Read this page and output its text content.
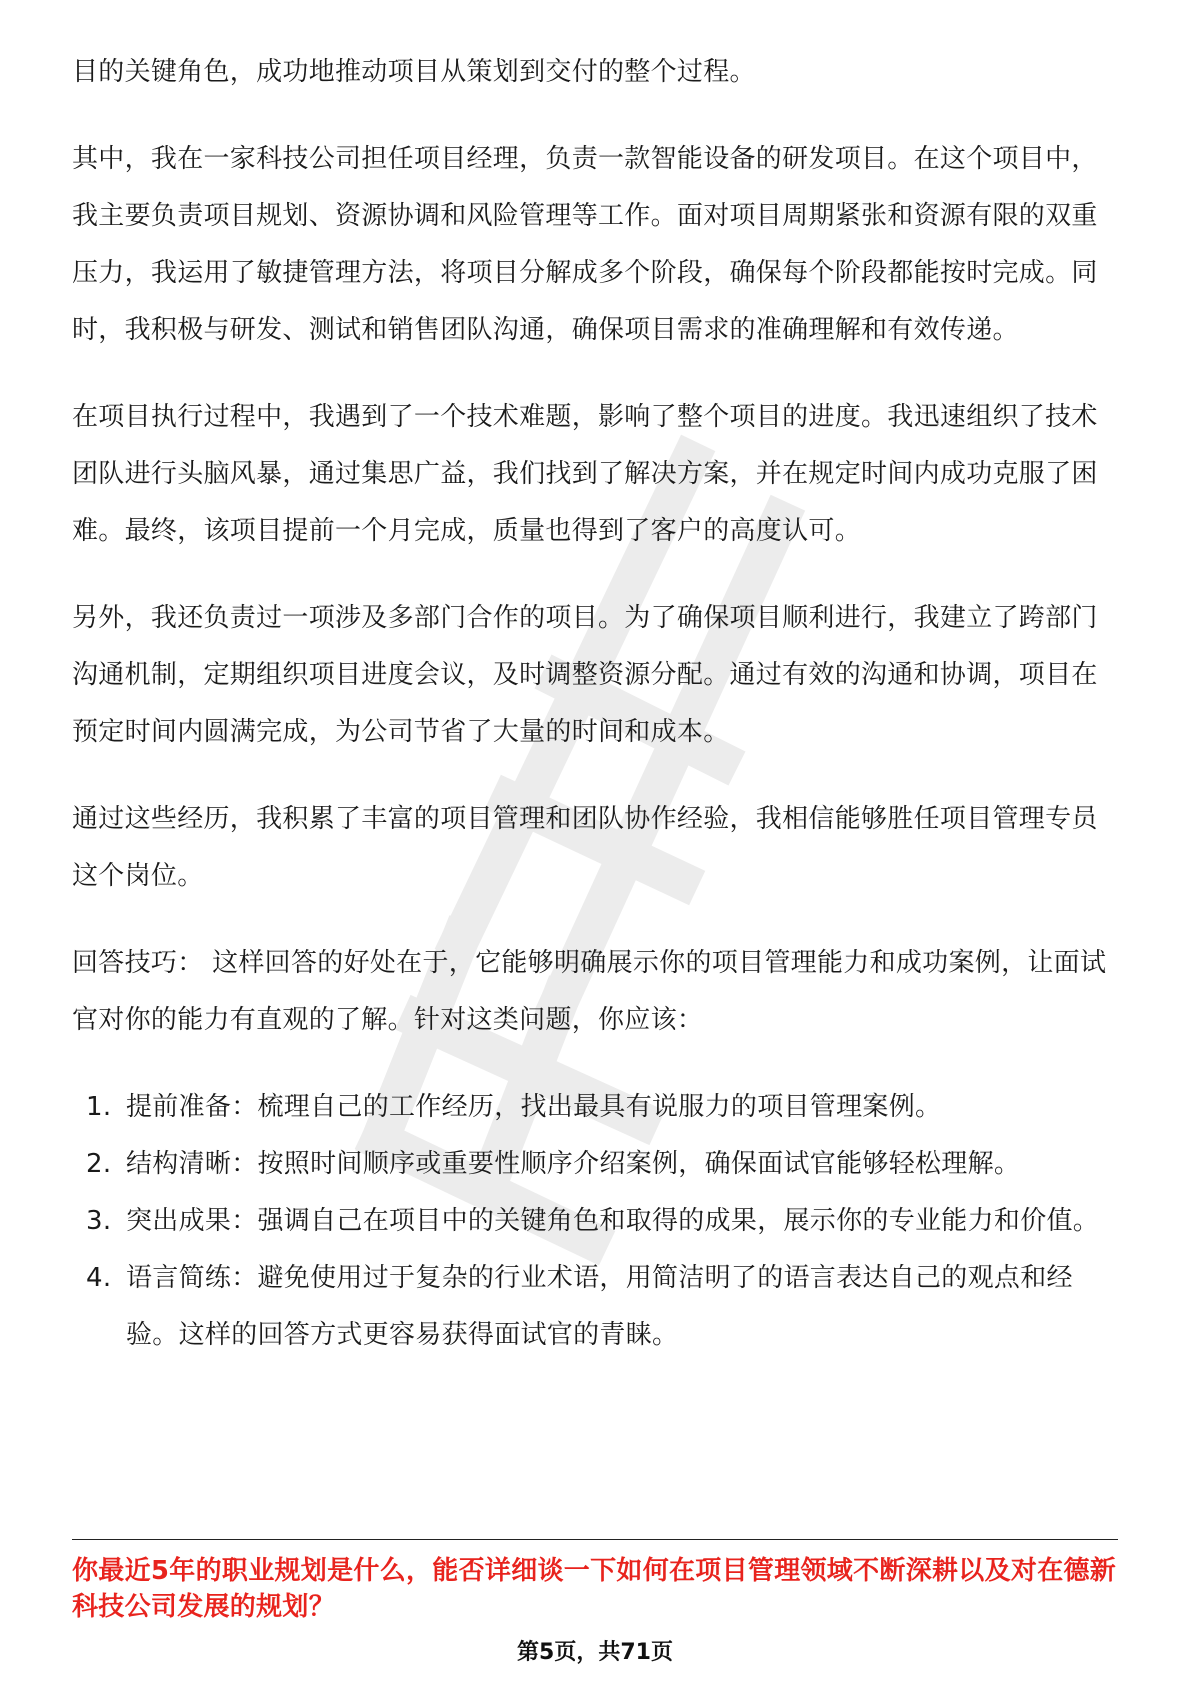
目的关键角色，成功地推动项目从策划到交付的整个过程。

其中，我在一家科技公司担任项目经理，负责一款智能设备的研发项目。在这个项目中，我主要负责项目规划、资源协调和风险管理等工作。面对项目周期紧张和资源有限的双重压力，我运用了敏捷管理方法，将项目分解成多个阶段，确保每个阶段都能按时完成。同时，我积极与研发、测试和销售团队沟通，确保项目需求的准确理解和有效传递。

在项目执行过程中，我遇到了一个技术难题，影响了整个项目的进度。我迅速组织了技术团队进行头脑风暴，通过集思广益，我们找到了解决方案，并在规定时间内成功克服了困难。最终，该项目提前一个月完成，质量也得到了客户的高度认可。

另外，我还负责过一项涉及多部门合作的项目。为了确保项目顺利进行，我建立了跨部门沟通机制，定期组织项目进度会议，及时调整资源分配。通过有效的沟通和协调，项目在预定时间内圆满完成，为公司节省了大量的时间和成本。

通过这些经历，我积累了丰富的项目管理和团队协作经验，我相信能够胜任项目管理专员这个岗位。

回答技巧： 这样回答的好处在于，它能够明确展示你的项目管理能力和成功案例，让面试官对你的能力有直观的了解。针对这类问题，你应该：

1. 提前准备：梳理自己的工作经历，找出最具有说服力的项目管理案例。
2. 结构清晰：按照时间顺序或重要性顺序介绍案例，确保面试官能够轻松理解。
3. 突出成果：强调自己在项目中的关键角色和取得的成果，展示你的专业能力和价值。
4. 语言简练：避免使用过于复杂的行业术语，用简洁明了的语言表达自己的观点和经验。这样的回答方式更容易获得面试官的青睐。
你最近5年的职业规划是什么，能否详细谈一下如何在项目管理领域不断深耕以及对在德新科技公司发展的规划？
第5页，共71页
